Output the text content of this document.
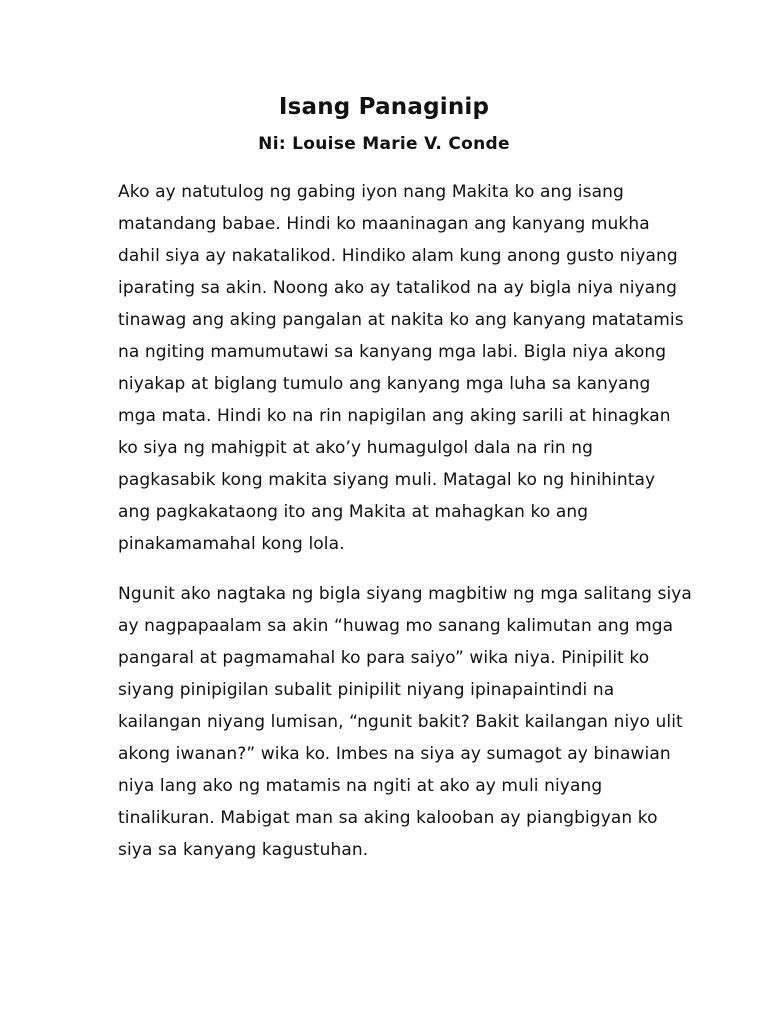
Isang Panaginip
Ni: Louise Marie V. Conde
Ako ay natutulog ng gabing iyon nang Makita ko ang isang
matandang babae. Hindi ko maaninagan ang kanyang mukha
dahil siya ay nakatalikod. Hindiko alam kung anong gusto niyang
iparating sa akin. Noong ako ay tatalikod na ay bigla niya niyang
tinawag ang aking pangalan at nakita ko ang kanyang matatamis
na ngiting mamumutawi sa kanyang mga labi. Bigla niya akong
niyakap at biglang tumulo ang kanyang mga luha sa kanyang
mga mata. Hindi ko na rin napigilan ang aking sarili at hinagkan
ko siya ng mahigpit at ako’y humagulgol dala na rin ng
pagkasabik kong makita siyang muli. Matagal ko ng hinihintay
ang pagkakataong ito ang Makita at mahagkan ko ang
pinakamamahal kong lola.
Ngunit ako nagtaka ng bigla siyang magbitiw ng mga salitang siya
ay nagpapaalam sa akin “huwag mo sanang kalimutan ang mga
pangaral at pagmamahal ko para saiyo” wika niya. Pinipilit ko
siyang pinipigilan subalit pinipilit niyang ipinapaintindi na
kailangan niyang lumisan, “ngunit bakit? Bakit kailangan niyo ulit
akong iwanan?” wika ko. Imbes na siya ay sumagot ay binawian
niya lang ako ng matamis na ngiti at ako ay muli niyang
tinalikuran. Mabigat man sa aking kalooban ay piangbigyan ko
siya sa kanyang kagustuhan.
